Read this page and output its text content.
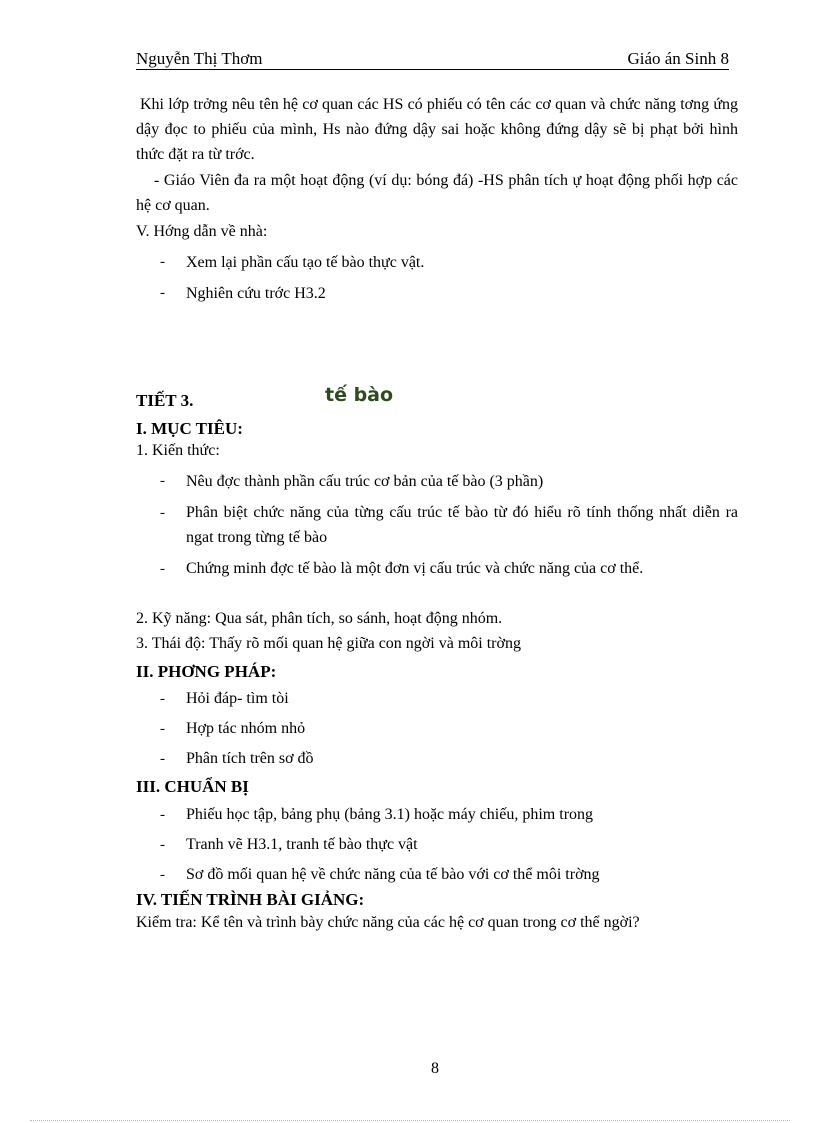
Nguyễn Thị Thơm	Giáo án Sinh 8
Khi lớp trởng nêu tên hệ cơ quan các HS có phiếu có tên các cơ quan và chức năng tơng ứng dậy đọc to phiếu của mình, Hs nào đứng dậy sai hoặc không đứng dậy sẽ bị phạt bởi hình thức đặt ra từ trớc.
- Giáo Viên đa ra một hoạt động (ví dụ: bóng đá) -HS phân tích ự hoạt động phối hợp các hệ cơ quan.
V. Hớng dẫn về nhà:
- Xem lại phần cấu tạo tế bào thực vật.
- Nghiên cứu trớc H3.2
TIẾT 3.	tế bào
I. MỤC TIÊU:
1. Kiến thức:
- Nêu đợc thành phần cấu trúc cơ bản của tế bào (3 phần)
- Phân biệt chức năng của từng cấu trúc tế bào từ đó hiểu rõ tính thống nhất diễn ra ngat trong từng tế bào
- Chứng minh đợc tế bào là một đơn vị cấu trúc và chức năng của cơ thể.
2. Kỹ năng: Qua sát, phân tích, so sánh, hoạt động nhóm.
3. Thái độ: Thấy rõ mối quan hệ giữa con ngời và môi trờng
II. PHƠNG PHÁP:
- Hỏi đáp- tìm tòi
- Hợp tác nhóm nhỏ
- Phân tích trên sơ đồ
III. CHUẨN BỊ
- Phiếu học tập, bảng phụ (bảng 3.1) hoặc máy chiếu, phim trong
- Tranh vẽ H3.1, tranh tế bào thực vật
- Sơ đồ mối quan hệ về chức năng của tế bào với cơ thể môi trờng
IV. TIẾN TRÌNH BÀI GIẢNG:
Kiểm tra: Kể tên và trình bày chức năng của các hệ cơ quan trong cơ thể ngời?
8
